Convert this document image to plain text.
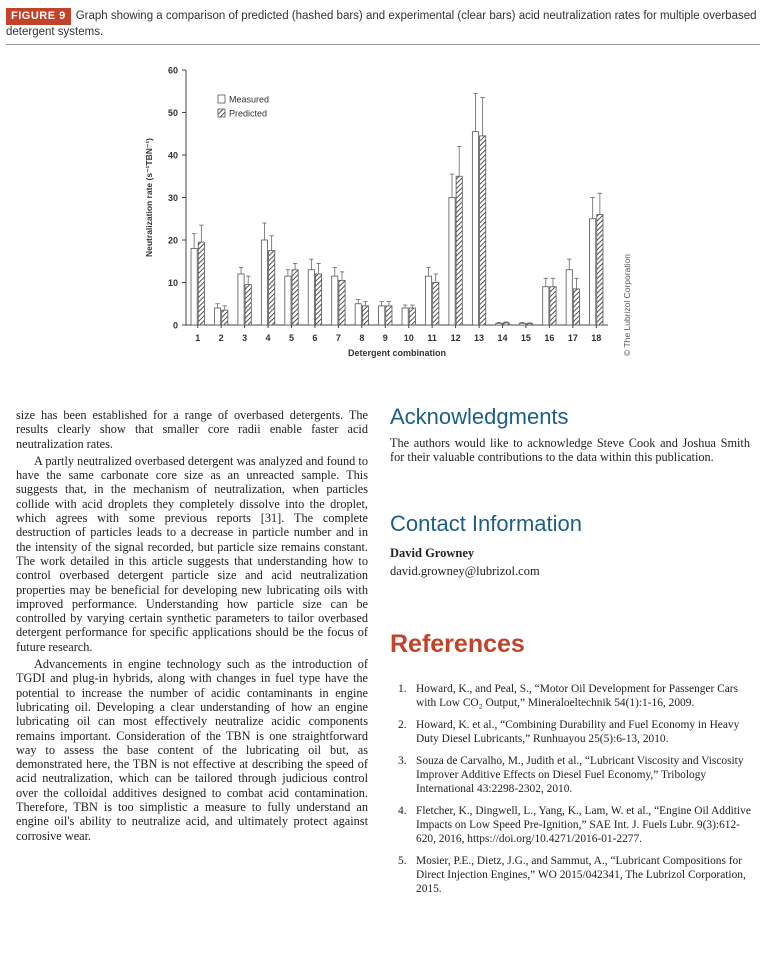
FIGURE 9 Graph showing a comparison of predicted (hashed bars) and experimental (clear bars) acid neutralization rates for multiple overbased detergent systems.
0
10
20
30
40
50
60
Neutralization rate (s⁻¹TBN⁻¹)
Detergent combination
1 2 3 4 5 6 7 8 9 10 11 12 13 14 15 16 17 18
Measured
Predicted
© The Lubrizol Corporation

size has been established for a range of overbased detergents. The results clearly show that smaller core radii enable faster acid neutralization rates.

A partly neutralized overbased detergent was analyzed and found to have the same carbonate core size as an unreacted sample. This suggests that, in the mechanism of neutralization, when particles collide with acid droplets they completely dissolve into the droplet, which agrees with some previous reports [31]. The complete destruction of particles leads to a decrease in particle number and in the intensity of the signal recorded, but particle size remains constant. The work detailed in this article suggests that understanding how to control overbased detergent particle size and acid neutralization properties may be beneficial for developing new lubricating oils with improved performance. Understanding how particle size can be controlled by varying certain synthetic parameters to tailor overbased detergent performance for specific applications should be the focus of future research.

Advancements in engine technology such as the introduction of TGDI and plug-in hybrids, along with changes in fuel type have the potential to increase the number of acidic contaminants in engine lubricating oil. Developing a clear understanding of how an engine lubricating oil can most effectively neutralize acidic components remains important. Consideration of the TBN is one straightforward way to assess the base content of the lubricating oil but, as demonstrated here, the TBN is not effective at describing the speed of acid neutralization, which can be tailored through judicious control over the colloidal additives designed to combat acid contamination. Therefore, TBN is too simplistic a measure to fully understand an engine oil's ability to neutralize acid, and ultimately protect against corrosive wear.

Acknowledgments
The authors would like to acknowledge Steve Cook and Joshua Smith for their valuable contributions to the data within this publication.
Contact Information
David Growney
david.growney@lubrizol.com
References
1. Howard, K., and Peal, S., “Motor Oil Development for Passenger Cars with Low CO₂ Output,” Mineraloeltechnik 54(1):1-16, 2009.
2. Howard, K. et al., “Combining Durability and Fuel Economy in Heavy Duty Diesel Lubricants,” Runhuayou 25(5):6-13, 2010.
3. Souza de Carvalho, M., Judith et al., “Lubricant Viscosity and Viscosity Improver Additive Effects on Diesel Fuel Economy,” Tribology International 43:2298-2302, 2010.
4. Fletcher, K., Dingwell, L., Yang, K., Lam, W. et al., “Engine Oil Additive Impacts on Low Speed Pre-Ignition,” SAE Int. J. Fuels Lubr. 9(3):612-620, 2016, https://doi.org/10.4271/2016-01-2277.
5. Mosier, P.E., Dietz, J.G., and Sammut, A., “Lubricant Compositions for Direct Injection Engines,” WO 2015/042341, The Lubrizol Corporation, 2015.
